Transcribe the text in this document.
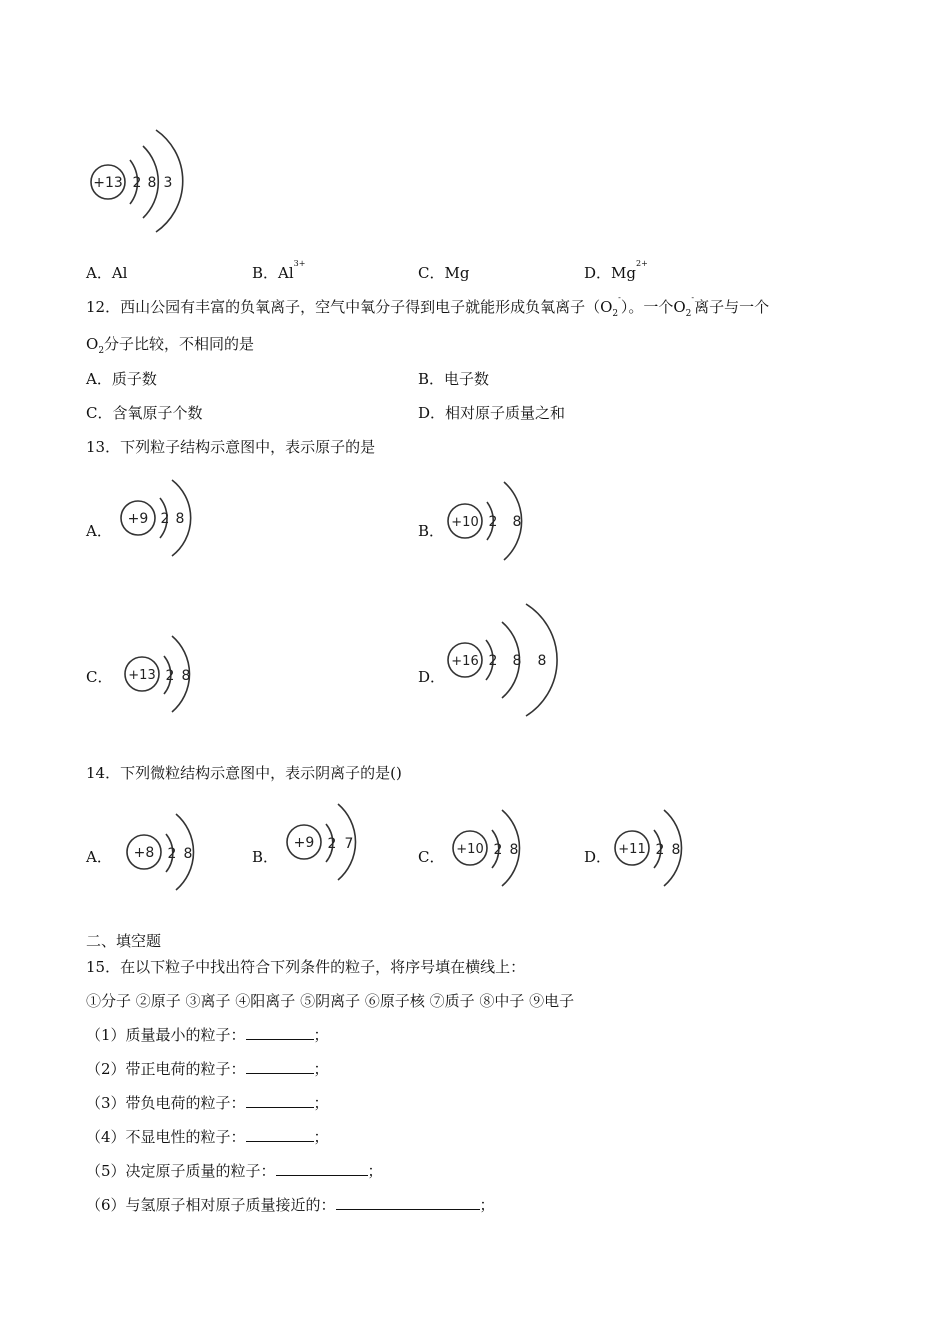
+13 2 8 3
A．Al	B．$Al^{3+}$
C．Mg	D．$Mg^{2+}$
12．西山公园有丰富的负氧离子，空气中氧分子得到电子就能形成负氧离子$(O_2^-)$。一个$O_2^-$离子与一个
$O_2$分子比较，不相同的是
A．质子数	B．电子数
C．含氧原子个数	D．相对原子质量之和
13．下列粒子结构示意图中，表示原子的是
A．
+9 2 8
B． +10 2 8
C． +13 2 8	D．
+16 2 8 8
14．下列微粒结构示意图中，表示阴离子的是()
A． +8 2 8	B．
+9 2 7
C． +10 2 8	D． +11 2 8
二、填空题
15．在以下粒子中找出符合下列条件的粒子，将序号填在横线上：
①分子 ②原子 ③离子 ④阳离子 ⑤阴离子 ⑥原子核 ⑦质子 ⑧中子 ⑨电子
（1）质量最小的粒子：	；
（2）带正电荷的粒子：	；
（3）带负电荷的粒子：	；
（4）不显电性的粒子：	；
（5）决定原子质量的粒子：	；
（6）与氢原子相对原子质量接近的：	；
